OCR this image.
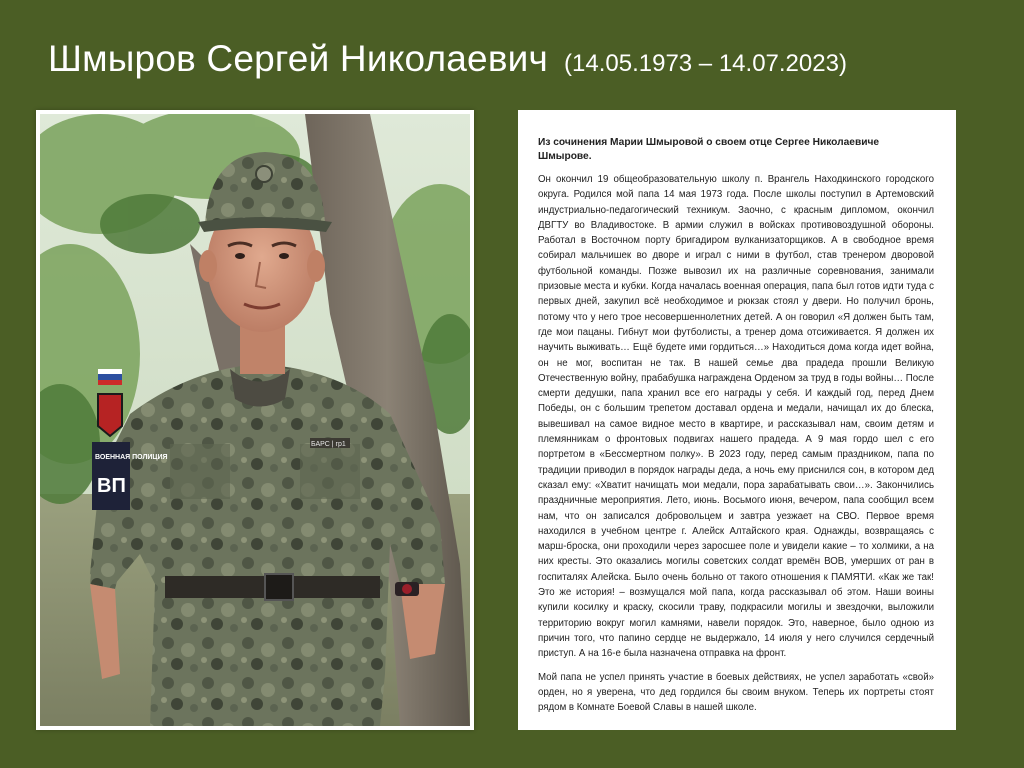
Шмыров Сергей Николаевич (14.05.1973 – 14.07.2023)
БАРС | гр1
ВОЕННАЯ ПОЛИЦИЯ
ВП
Из сочинения Марии Шмыровой о своем отце Сергее Николаевиче Шмырове.

Он окончил 19 общеобразовательную школу п. Врангель Находкинского городского округа. Родился мой папа 14 мая 1973 года. После школы поступил в Артемовский индустриально-педагогический техникум. Заочно, с красным дипломом, окончил ДВГТУ во Владивостоке. В армии служил в войсках противовоздушной обороны. Работал в Восточном порту бригадиром вулканизаторщиков. А в свободное время собирал мальчишек во дворе и играл с ними в футбол, став тренером дворовой футбольной команды. Позже вывозил их на различные соревнования, занимали призовые места и кубки. Когда началась военная операция, папа был готов идти туда с первых дней, закупил всё необходимое и рюкзак стоял у двери. Но получил бронь, потому что у него трое несовершеннолетних детей. А он говорил «Я должен быть там, где мои пацаны. Гибнут мои футболисты, а тренер дома отсиживается. Я должен их научить выживать… Ещё будете ими гордиться…» Находиться дома когда идет война, он не мог, воспитан не так. В нашей семье два прадеда прошли Великую Отечественную войну, прабабушка награждена Орденом за труд в годы войны… После смерти дедушки, папа хранил все его награды у себя. И каждый год, перед Днем Победы, он с большим трепетом доставал ордена и медали, начищал их до блеска, вывешивал на самое видное место в квартире, и рассказывал нам, своим детям и племянникам о фронтовых подвигах нашего прадеда. А 9 мая гордо шел с его портретом в «Бессмертном полку». В 2023 году, перед самым праздником, папа по традиции приводил в порядок награды деда, а ночь ему приснился сон, в котором дед сказал ему: «Хватит начищать мои медали, пора зарабатывать свои…». Закончились праздничные мероприятия. Лето, июнь. Восьмого июня, вечером, папа сообщил всем нам, что он записался добровольцем и завтра уезжает на СВО. Первое время находился в учебном центре г. Алейск Алтайского края. Однажды, возвращаясь с марш-броска, они проходили через заросшее поле и увидели какие – то холмики, а на них кресты. Это оказались могилы советских солдат времён ВОВ, умерших от ран в госпиталях Алейска. Было очень больно от такого отношения к ПАМЯТИ. «Как же так! Это же история! – возмущался мой папа, когда рассказывал об этом. Наши воины купили косилку и краску, скосили траву, подкрасили могилы и звездочки, выложили территорию вокруг могил камнями, навели порядок. Это, наверное, было одною из причин того, что папино сердце не выдержало, 14 июля у него случился сердечный приступ. А на 16-е была назначена отправка на фронт.

Мой папа не успел принять участие в боевых действиях, не успел заработать «свой» орден, но я уверена, что дед гордился бы своим внуком. Теперь их портреты стоят рядом в Комнате Боевой Славы в нашей школе.
